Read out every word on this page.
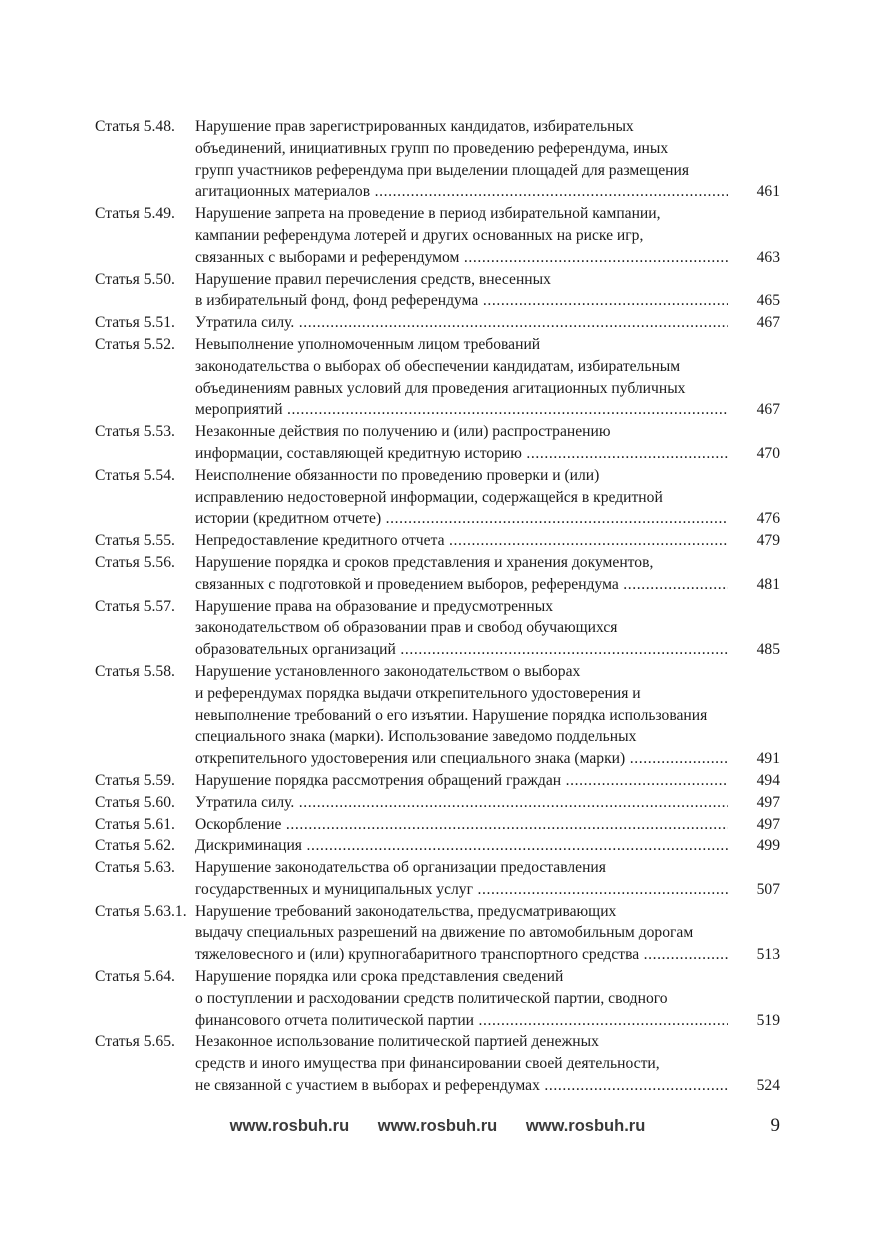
Статья 5.48.	Нарушение прав зарегистрированных кандидатов, избирательных
объединений, инициативных групп по проведению референдума, иных
групп участников референдума при выделении площадей для размещения
агитационных материалов .....	461
Статья 5.49.	Нарушение запрета на проведение в период избирательной кампании,
кампании референдума лотерей и других основанных на риске игр,
связанных с выборами и референдумом .....	463
Статья 5.50.	Нарушение правил перечисления средств, внесенных
в избирательный фонд, фонд референдума .....	465
Статья 5.51.	Утратила силу. .....	467
Статья 5.52.	Невыполнение уполномоченным лицом требований
законодательства о выборах об обеспечении кандидатам, избирательным
объединениям равных условий для проведения агитационных публичных
мероприятий .....	467
Статья 5.53.	Незаконные действия по получению и (или) распространению
информации, составляющей кредитную историю .....	470
Статья 5.54.	Неисполнение обязанности по проведению проверки и (или)
исправлению недостоверной информации, содержащейся в кредитной
истории (кредитном отчете) .....	476
Статья 5.55.	Непредоставление кредитного отчета .....	479
Статья 5.56.	Нарушение порядка и сроков представления и хранения документов,
связанных с подготовкой и проведением выборов, референдума .....	481
Статья 5.57.	Нарушение права на образование и предусмотренных
законодательством об образовании прав и свобод обучающихся
образовательных организаций .....	485
Статья 5.58.	Нарушение установленного законодательством о выборах
и референдумах порядка выдачи открепительного удостоверения и
невыполнение требований о его изъятии. Нарушение порядка использования
специального знака (марки). Использование заведомо поддельных
открепительного удостоверения или специального знака (марки) .....	491
Статья 5.59.	Нарушение порядка рассмотрения обращений граждан .....	494
Статья 5.60.	Утратила силу. .....	497
Статья 5.61.	Оскорбление .....	497
Статья 5.62.	Дискриминация .....	499
Статья 5.63.	Нарушение законодательства об организации предоставления
государственных и муниципальных услуг .....	507
Статья 5.63.1. Нарушение требований законодательства, предусматривающих
выдачу специальных разрешений на движение по автомобильным дорогам
тяжеловесного и (или) крупногабаритного транспортного средства .....	513
Статья 5.64.	Нарушение порядка или срока представления сведений
о поступлении и расходовании средств политической партии, сводного
финансового отчета политической партии .....	519
Статья 5.65.	Незаконное использование политической партией денежных
средств и иного имущества при финансировании своей деятельности,
не связанной с участием в выборах и референдумах .....	524
www.rosbuh.ru www.rosbuh.ru www.rosbuh.ru	9
